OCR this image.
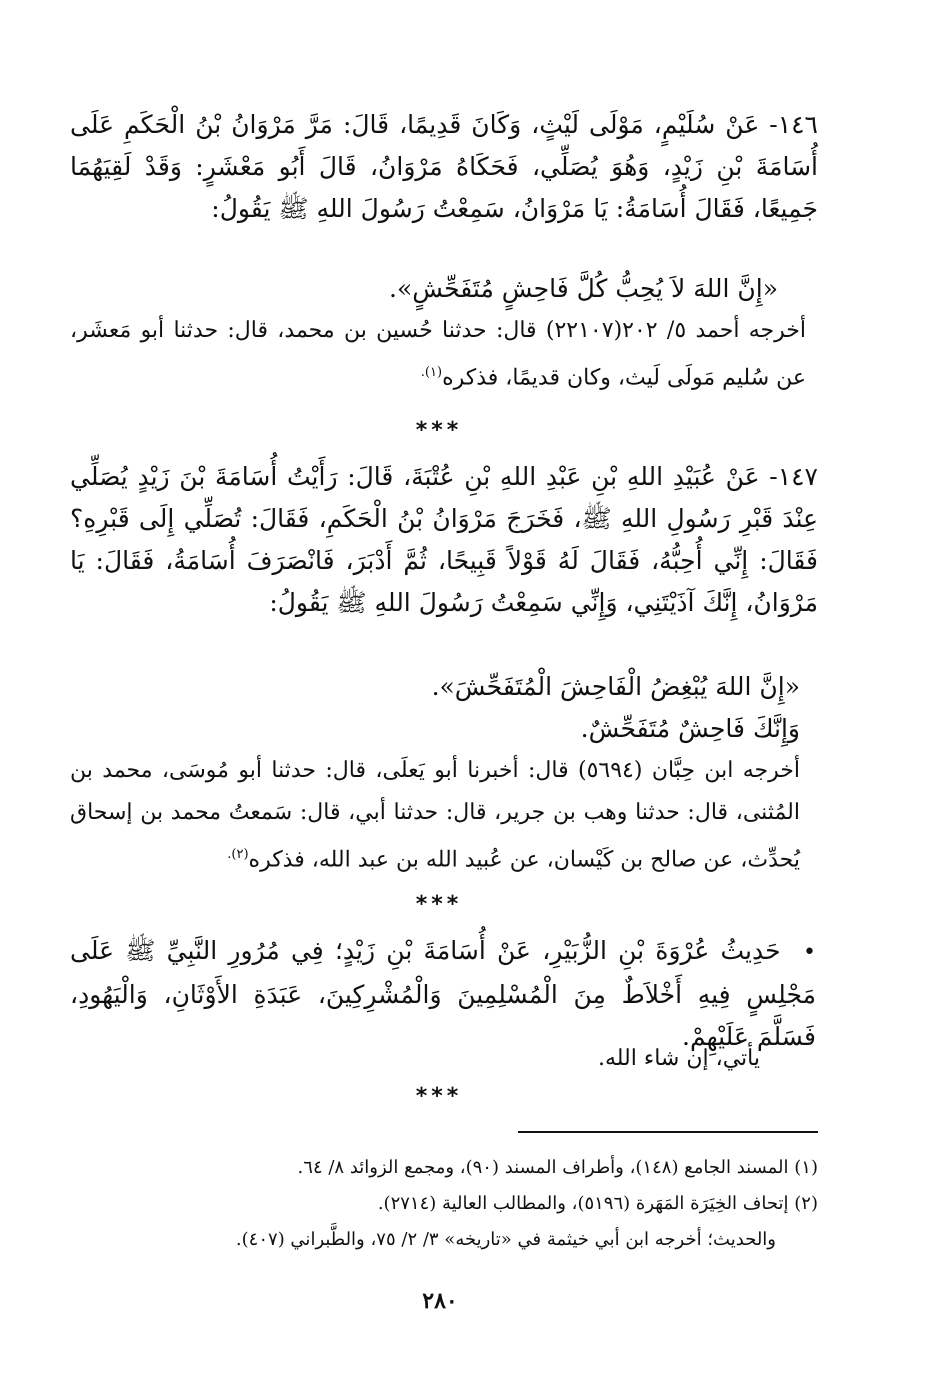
١٤٦- عَنْ سُلَيْمٍ، مَوْلَى لَيْثٍ، وَكَانَ قَدِيمًا، قَالَ: مَرَّ مَرْوَانُ بْنُ الْحَكَمِ عَلَى أُسَامَةَ بْنِ زَيْدٍ، وَهُوَ يُصَلِّي، فَحَكَاهُ مَرْوَانُ، قَالَ أَبُو مَعْشَرٍ: وَقَدْ لَقِيَهُمَا جَمِيعًا، فَقَالَ أُسَامَةُ: يَا مَرْوَانُ، سَمِعْتُ رَسُولَ اللهِ ﷺ يَقُولُ:
«إِنَّ اللهَ لاَ يُحِبُّ كُلَّ فَاحِشٍ مُتَفَحِّشٍ».
أخرجه أحمد ٥/ ٢٠٢(٢٢١٠٧) قال: حدثنا حُسين بن محمد، قال: حدثنا أبو مَعشَر، عن سُليم مَولَى لَيث، وكان قديمًا، فذكره$^{(١).}$
***
١٤٧- عَنْ عُبَيْدِ اللهِ بْنِ عَبْدِ اللهِ بْنِ عُتْبَةَ، قَالَ: رَأَيْتُ أُسَامَةَ بْنَ زَيْدٍ يُصَلِّي عِنْدَ قَبْرِ رَسُولِ اللهِ ﷺ، فَخَرَجَ مَرْوَانُ بْنُ الْحَكَمِ، فَقَالَ: تُصَلِّي إِلَى قَبْرِهِ؟ فَقَالَ: إِنِّي أُحِبُّهُ، فَقَالَ لَهُ قَوْلاً قَبِيحًا، ثُمَّ أَدْبَرَ، فَانْصَرَفَ أُسَامَةُ، فَقَالَ: يَا مَرْوَانُ، إِنَّكَ آذَيْتَنِي، وَإِنِّي سَمِعْتُ رَسُولَ اللهِ ﷺ يَقُولُ:
«إِنَّ اللهَ يُبْغِضُ الْفَاحِشَ الْمُتَفَحِّشَ».
وَإِنَّكَ فَاحِشٌ مُتَفَحِّشٌ.
أخرجه ابن حِبَّان (٥٦٩٤) قال: أخبرنا أبو يَعلَى، قال: حدثنا أبو مُوسَى، محمد بن المُثنى، قال: حدثنا وهب بن جرير، قال: حدثنا أبي، قال: سَمعتُ محمد بن إسحاق يُحدِّث، عن صالح بن كَيْسان، عن عُبيد الله بن عبد الله، فذكره$^{(٢).}$
***
•  حَدِيثُ عُرْوَةَ بْنِ الزُّبَيْرِ، عَنْ أُسَامَةَ بْنِ زَيْدٍ؛ فِي مُرُورِ النَّبِيِّ ﷺ عَلَى مَجْلِسٍ فِيهِ أَخْلاَطٌ مِنَ الْمُسْلِمِينَ وَالْمُشْرِكِينَ، عَبَدَةِ الأَوْثَانِ، وَالْيَهُودِ، فَسَلَّمَ عَلَيْهِمْ.
يأتي، إن شاء الله.
***
(١) المسند الجامع (١٤٨)، وأطراف المسند (٩٠)، ومجمع الزوائد ٨/ ٦٤.
(٢) إتحاف الخِيَرَة المَهَرة (٥١٩٦)، والمطالب العالية (٢٧١٤).
والحديث؛ أخرجه ابن أبي خيثمة في «تاريخه» ٣/ ٢/ ٧٥، والطَّبراني (٤٠٧).
٢٨٠
